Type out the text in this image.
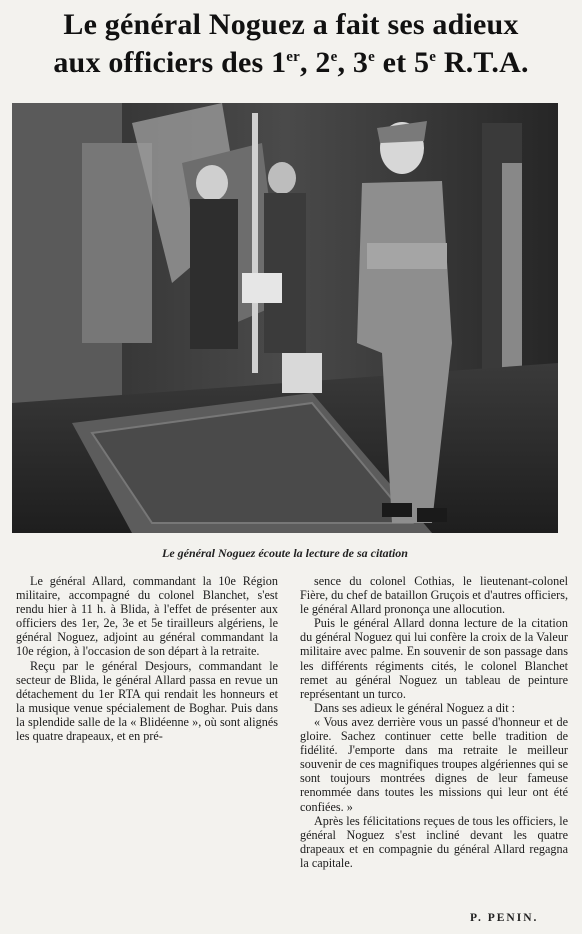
Le général Noguez a fait ses adieux
aux officiers des 1er, 2e, 3e et 5e R.T.A.
Le général Noguez écoute la lecture de sa citation

Le général Allard, commandant la 10e Région militaire, accompagné du colonel Blanchet, s'est rendu hier à 11 h. à Blida, à l'effet de présenter aux officiers des 1er, 2e, 3e et 5e tirailleurs algériens, le général Noguez, adjoint au général commandant la 10e région, à l'occasion de son départ à la retraite.

Reçu par le général Desjours, commandant le secteur de Blida, le général Allard passa en revue un détachement du 1er RTA qui rendait les honneurs et la musique venue spécialement de Boghar. Puis dans la splendide salle de la « Blidéenne », où sont alignés les quatre drapeaux, et en pré-

sence du colonel Cothias, le lieutenant-colonel Fière, du chef de bataillon Gruçois et d'autres officiers, le général Allard prononça une allocution.

Puis le général Allard donna lecture de la citation du général Noguez qui lui confère la croix de la Valeur militaire avec palme. En souvenir de son passage dans les différents régiments cités, le colonel Blanchet remet au général Noguez un tableau de peinture représentant un turco.

Dans ses adieux le général Noguez a dit :

« Vous avez derrière vous un passé d'honneur et de gloire. Sachez continuer cette belle tradition de fidélité. J'emporte dans ma retraite le meilleur souvenir de ces magnifiques troupes algériennes qui se sont toujours montrées dignes de leur fameuse renommée dans toutes les missions qui leur ont été confiées. »

Après les félicitations reçues de tous les officiers, le général Noguez s'est incliné devant les quatre drapeaux et en compagnie du général Allard regagna la capitale.

P. PENIN.
